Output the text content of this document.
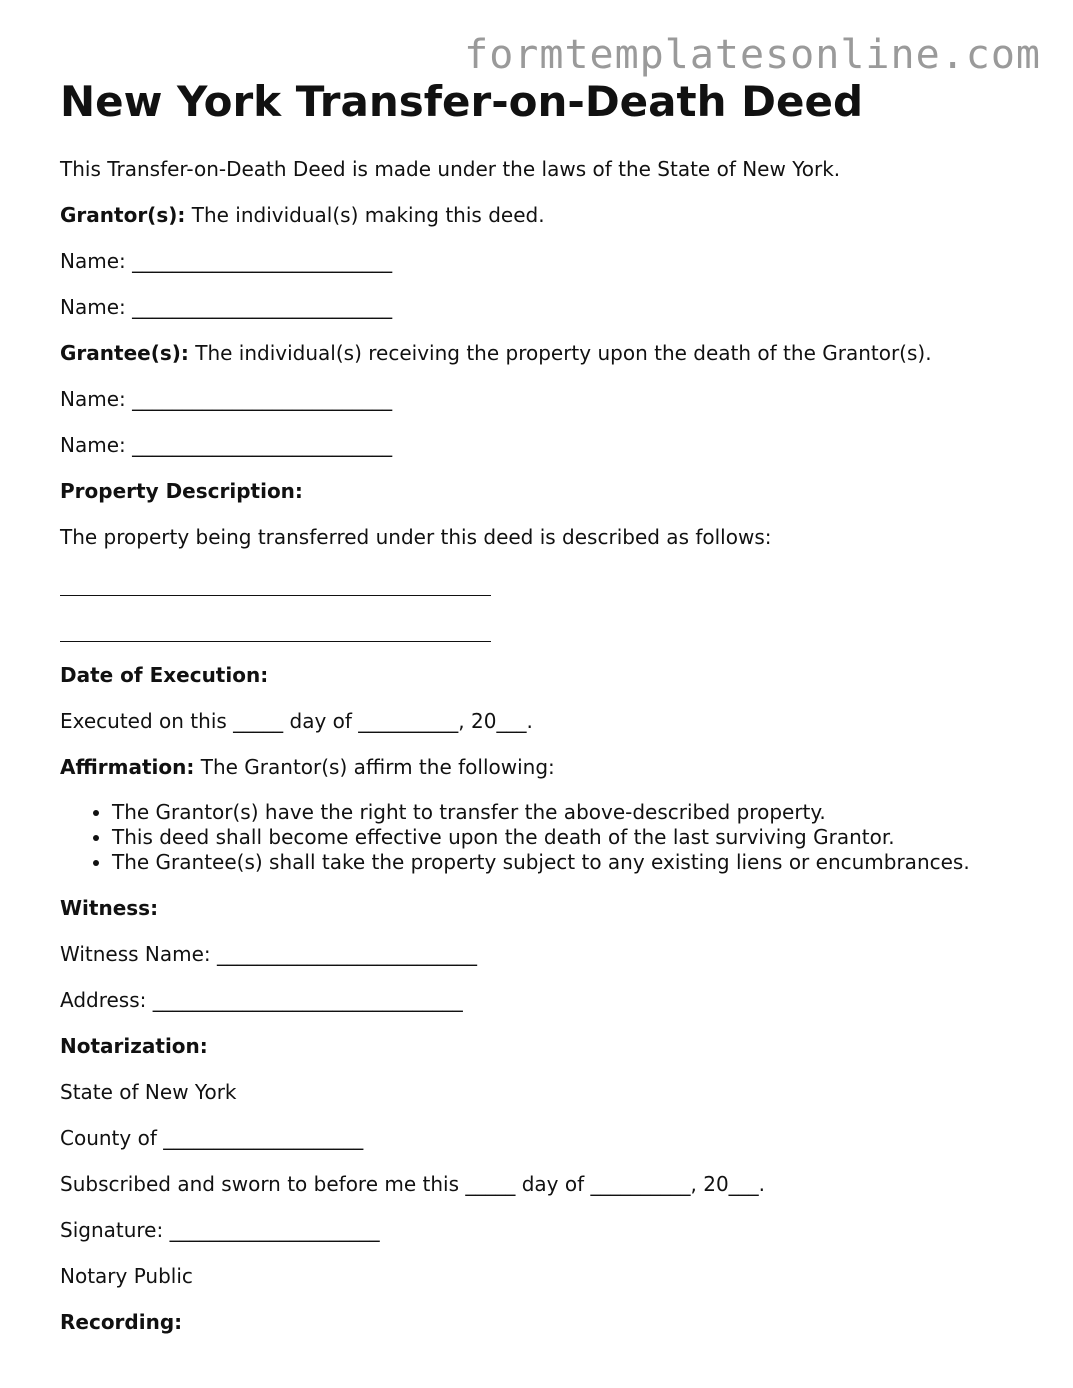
formtemplatesonline.com
New York Transfer-on-Death Deed

This Transfer-on-Death Deed is made under the laws of the State of New York.

Grantor(s): The individual(s) making this deed.

Name: __________________________

Name: __________________________

Grantee(s): The individual(s) receiving the property upon the death of the Grantor(s).

Name: __________________________

Name: __________________________

Property Description:

The property being transferred under this deed is described as follows:

Date of Execution:

Executed on this _____ day of __________, 20___.

Affirmation: The Grantor(s) affirm the following:

• The Grantor(s) have the right to transfer the above-described property.
• This deed shall become effective upon the death of the last surviving Grantor.
• The Grantee(s) shall take the property subject to any existing liens or encumbrances.

Witness:

Witness Name: __________________________

Address: _______________________________

Notarization:

State of New York

County of ____________________

Subscribed and sworn to before me this _____ day of __________, 20___.

Signature: _____________________

Notary Public

Recording:
